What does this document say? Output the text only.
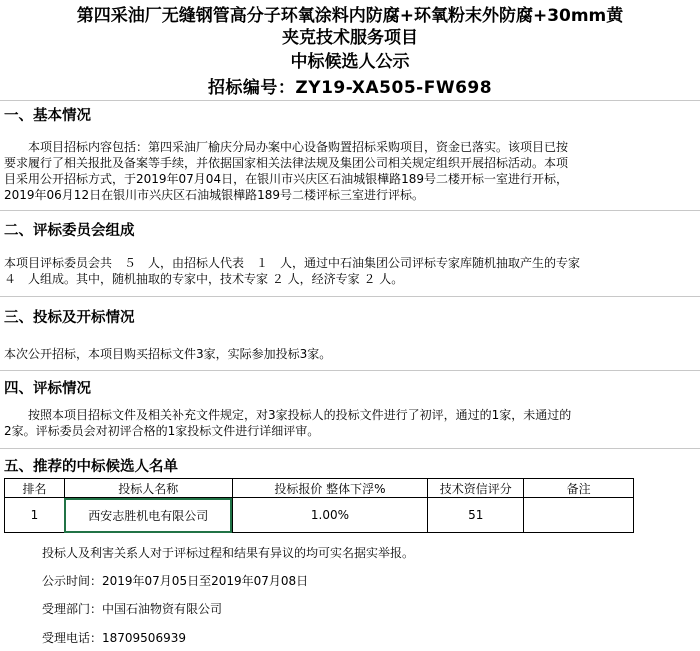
第四采油厂无缝钢管高分子环氧涂料内防腐+环氧粉末外防腐+30mm黄
夹克技术服务项目
中标候选人公示
招标编号：ZY19-XA505-FW698
一、基本情况
　　本项目招标内容包括：第四采油厂榆庆分局办案中心设备购置招标采购项目，资金已落实。该项目已按
要求履行了相关报批及备案等手续，并依据国家相关法律法规及集团公司相关规定组织开展招标活动。本项
目采用公开招标方式，于2019年07月04日，在银川市兴庆区石油城银樺路189号二楼开标一室进行开标，
2019年06月12日在银川市兴庆区石油城银樺路189号二楼评标三室进行评标。
二、评标委员会组成
本项目评标委员会共　５　人，由招标人代表　１　人，通过中石油集团公司评标专家库随机抽取产生的专家
４　人组成。其中，随机抽取的专家中，技术专家 ２ 人，经济专家 ２ 人。
三、投标及开标情况
本次公开招标，本项目购买招标文件3家，实际参加投标3家。
四、评标情况
　　按照本项目招标文件及相关补充文件规定，对3家投标人的投标文件进行了初评，通过的1家，未通过的
2家。评标委员会对初评合格的1家投标文件进行详细评审。
五、推荐的中标候选人名单
排名	投标人名称	投标报价 整体下浮%	技术资信评分	备注
1	西安志胜机电有限公司	1.00%	51	
投标人及利害关系人对于评标过程和结果有异议的均可实名据实举报。
公示时间：2019年07月05日至2019年07月08日
受理部门：中国石油物资有限公司
受理电话：18709506939
